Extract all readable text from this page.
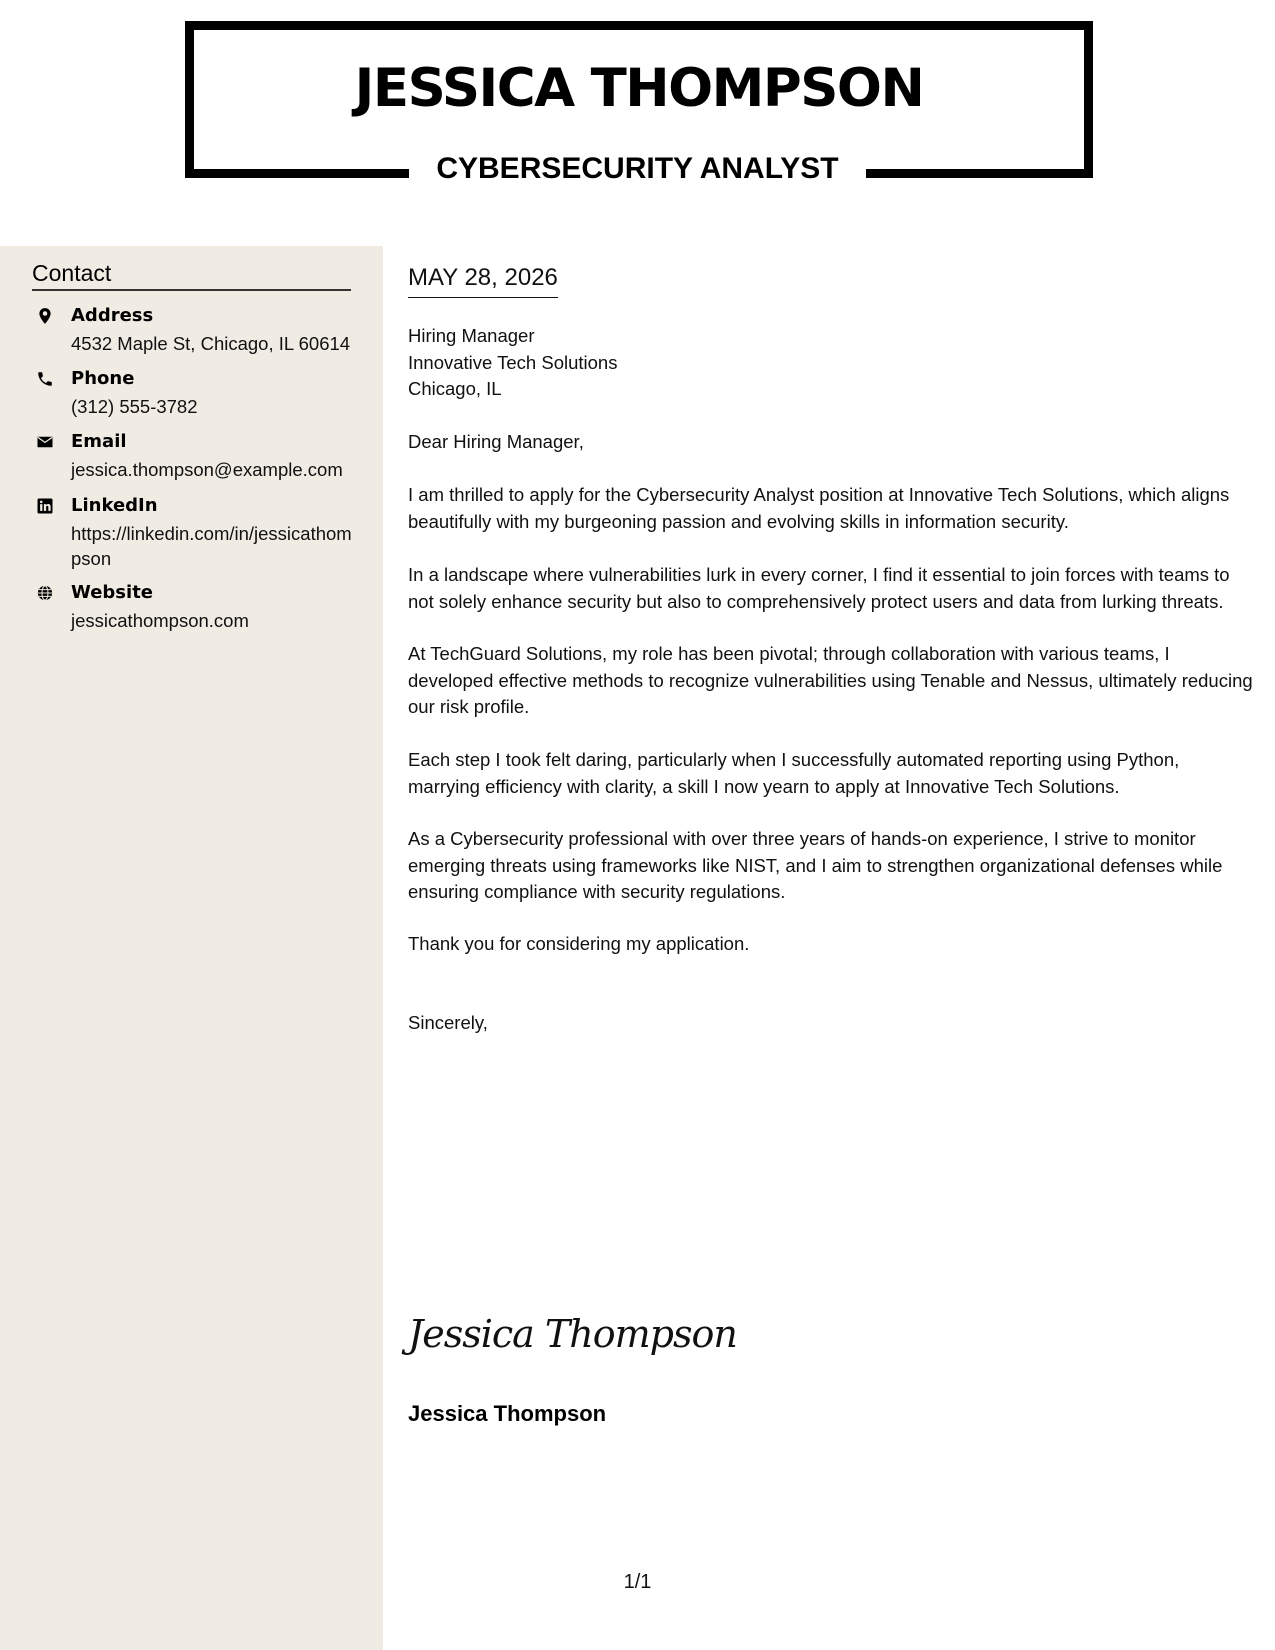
JESSICA THOMPSON
CYBERSECURITY ANALYST
Contact
Address
4532 Maple St, Chicago, IL 60614
Phone
(312) 555-3782
Email
jessica.thompson@example.com
LinkedIn
https://linkedin.com/in/jessicathompson
Website
jessicathompson.com
MAY 28, 2026
Hiring Manager
Innovative Tech Solutions
Chicago, IL
Dear Hiring Manager,
I am thrilled to apply for the Cybersecurity Analyst position at Innovative Tech Solutions, which aligns beautifully with my burgeoning passion and evolving skills in information security.
In a landscape where vulnerabilities lurk in every corner, I find it essential to join forces with teams to not solely enhance security but also to comprehensively protect users and data from lurking threats.
At TechGuard Solutions, my role has been pivotal; through collaboration with various teams, I developed effective methods to recognize vulnerabilities using Tenable and Nessus, ultimately reducing our risk profile.
Each step I took felt daring, particularly when I successfully automated reporting using Python, marrying efficiency with clarity, a skill I now yearn to apply at Innovative Tech Solutions.
As a Cybersecurity professional with over three years of hands-on experience, I strive to monitor emerging threats using frameworks like NIST, and I aim to strengthen organizational defenses while ensuring compliance with security regulations.
Thank you for considering my application.
Sincerely,
Jessica Thompson
Jessica Thompson
1/1
